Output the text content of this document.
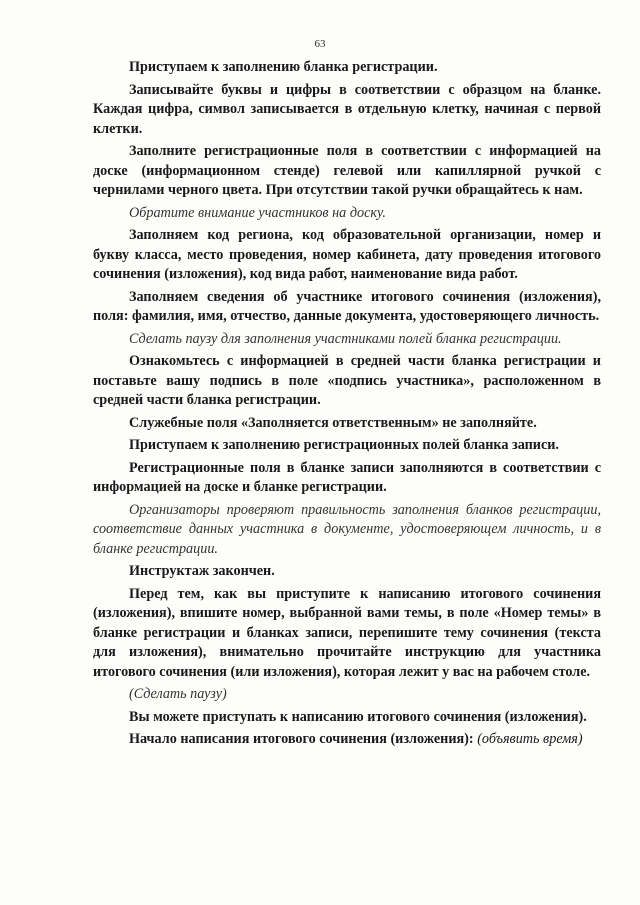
63

Приступаем к заполнению бланка регистрации.

Записывайте буквы и цифры в соответствии с образцом на бланке. Каждая цифра, символ записывается в отдельную клетку, начиная с первой клетки.

Заполните регистрационные поля в соответствии с информацией на доске (информационном стенде) гелевой или капиллярной ручкой с чернилами черного цвета. При отсутствии такой ручки обращайтесь к нам.

Обратите внимание участников на доску.

Заполняем код региона, код образовательной организации, номер и букву класса, место проведения, номер кабинета, дату проведения итогового сочинения (изложения), код вида работ, наименование вида работ.

Заполняем сведения об участнике итогового сочинения (изложения), поля: фамилия, имя, отчество, данные документа, удостоверяющего личность.

Сделать паузу для заполнения участниками полей бланка регистрации.

Ознакомьтесь с информацией в средней части бланка регистрации и поставьте вашу подпись в поле «подпись участника», расположенном в средней части бланка регистрации.

Служебные поля «Заполняется ответственным» не заполняйте.

Приступаем к заполнению регистрационных полей бланка записи.

Регистрационные поля в бланке записи заполняются в соответствии с информацией на доске и бланке регистрации.

Организаторы проверяют правильность заполнения бланков регистрации, соответствие данных участника в документе, удостоверяющем личность, и в бланке регистрации.

Инструктаж закончен.

Перед тем, как вы приступите к написанию итогового сочинения (изложения), впишите номер, выбранной вами темы, в поле «Номер темы» в бланке регистрации и бланках записи, перепишите тему сочинения (текста для изложения), внимательно прочитайте инструкцию для участника итогового сочинения (или изложения), которая лежит у вас на рабочем столе.

(Сделать паузу)

Вы можете приступать к написанию итогового сочинения (изложения).

Начало написания итогового сочинения (изложения): (объявить время)
